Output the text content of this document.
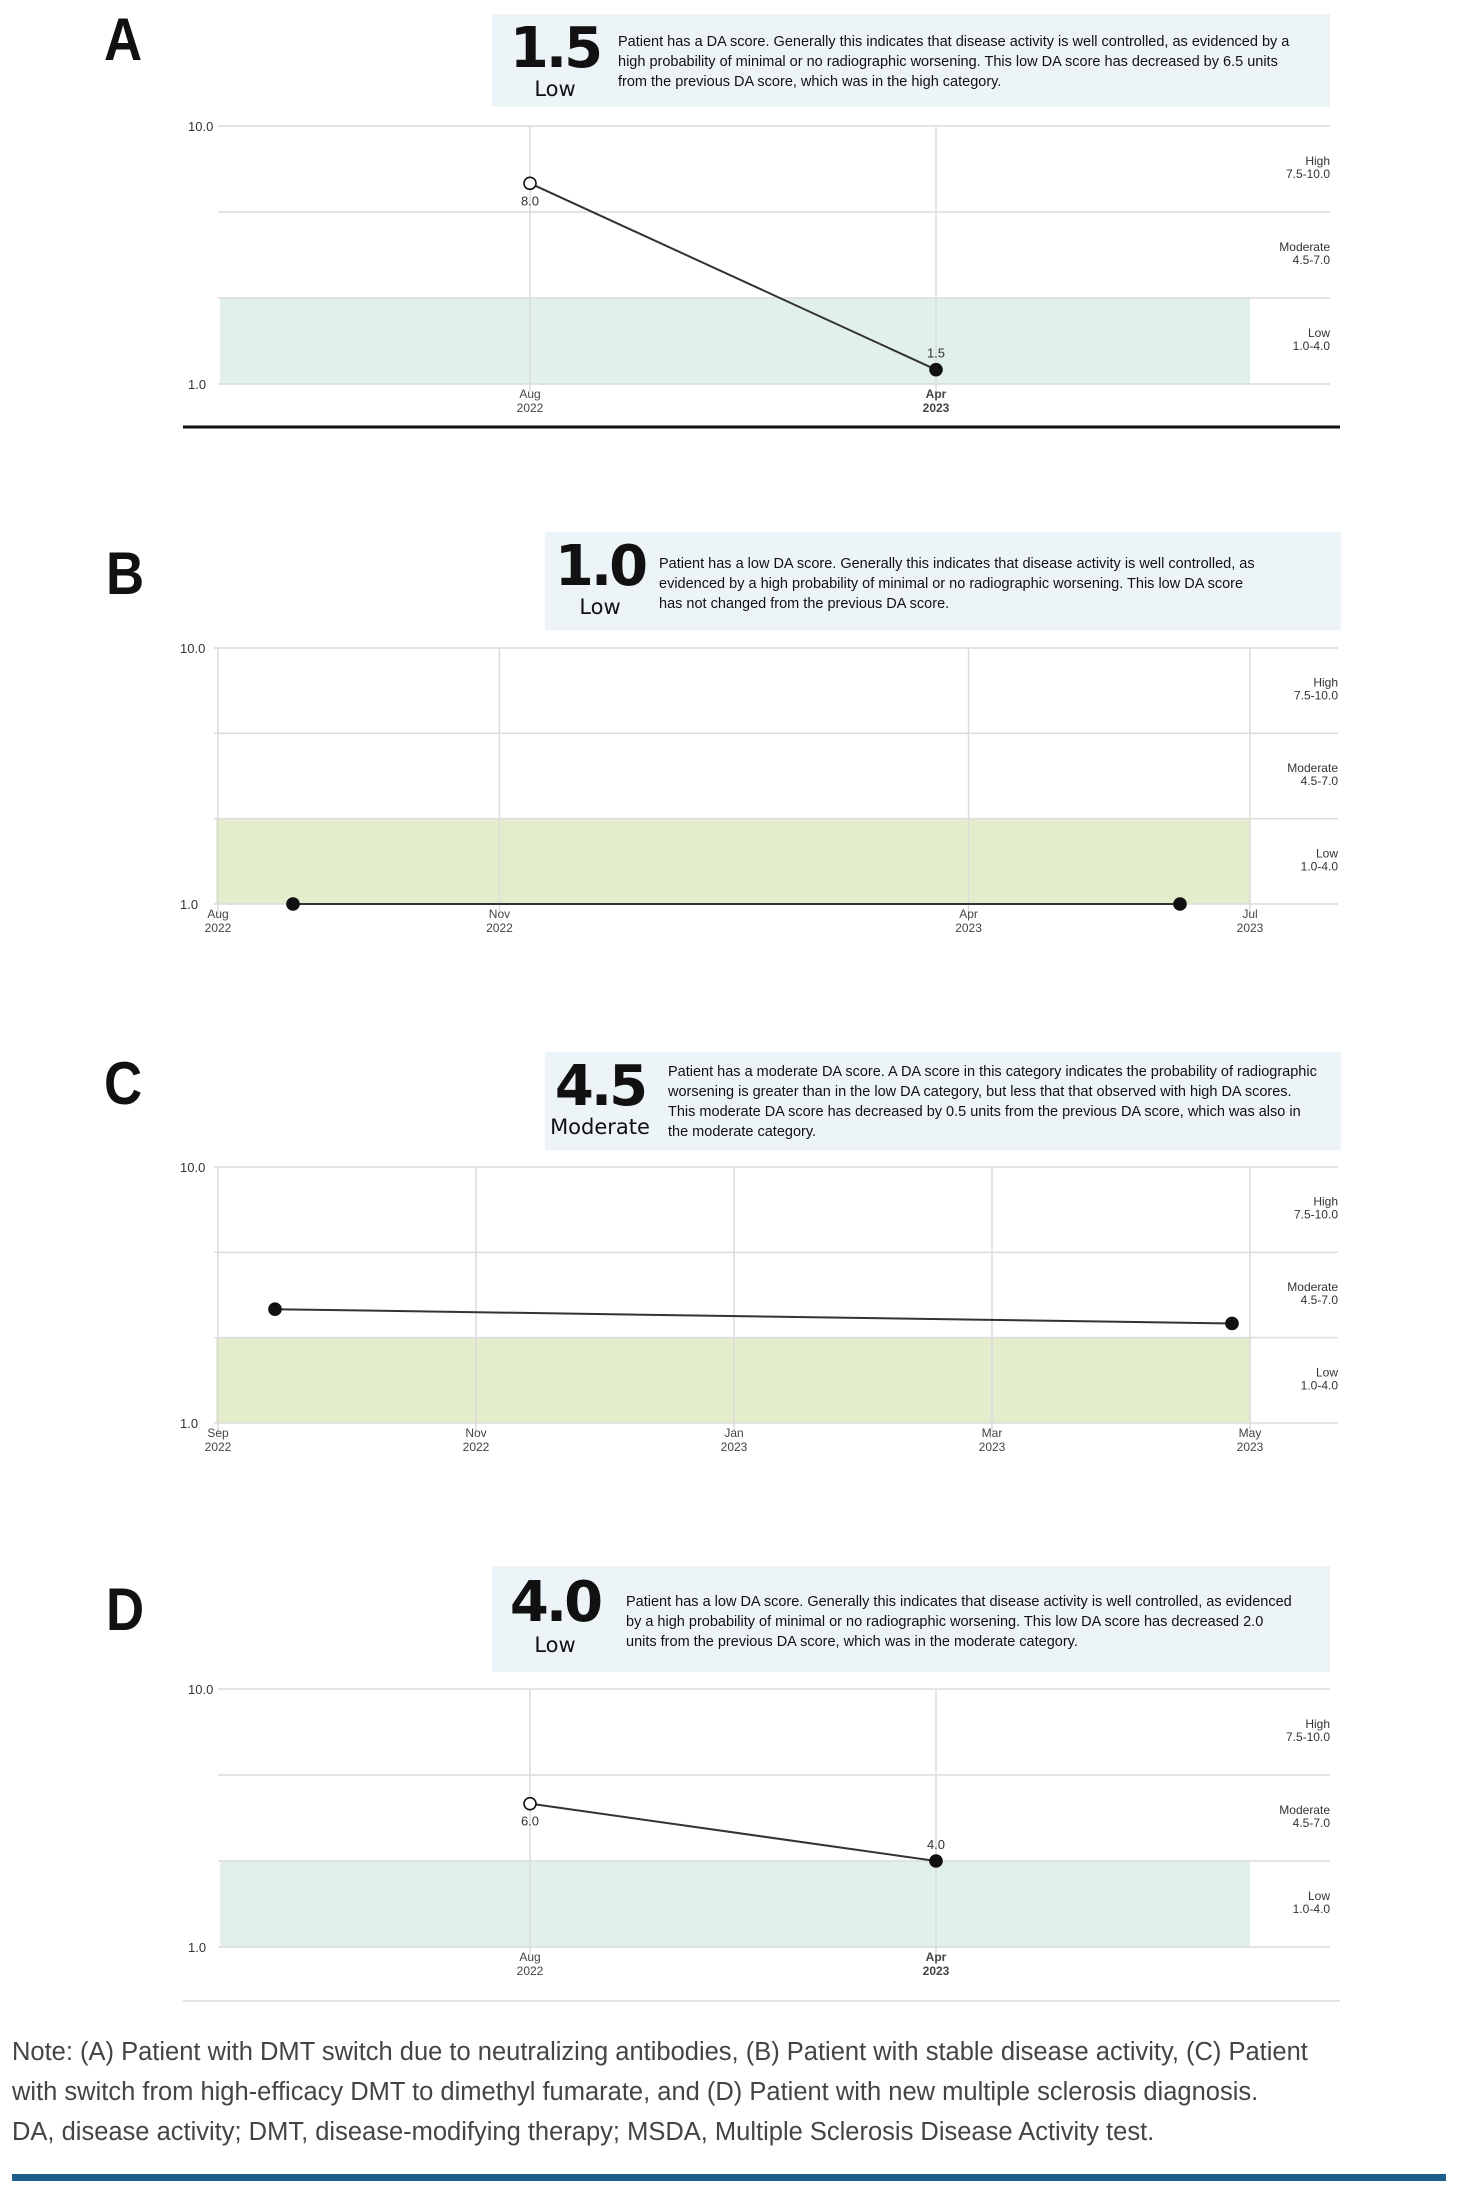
A	1.5
Low
Patient has a DA score. Generally this indicates that disease activity is well controlled, as evidenced by a high probability of minimal or no radiographic worsening. This low DA score has decreased by 6.5 units from the previous DA score, which was in the high category.
Aug
2022
Apr
2023
10.0
1.0
High
7.5-10.0
Moderate
4.5-7.0
Low
1.0-4.0
8.0
1.5
B	1.0
Low
Patient has a low DA score. Generally this indicates that disease activity is well controlled, as evidenced by a high probability of minimal or no radiographic worsening. This low DA score has not changed from the previous DA score.
Aug
2022
Nov
2022
Apr
2023
Jul
2023
10.0
1.0
High
7.5-10.0
Moderate
4.5-7.0
Low
1.0-4.0
C	4.5
Moderate
Patient has a moderate DA score. A DA score in this category indicates the probability of radiographic worsening is greater than in the low DA category, but less that that observed with high DA scores. This moderate DA score has decreased by 0.5 units from the previous DA score, which was also in the moderate category.
Sep
2022
Nov
2022
Jan
2023
Mar
2023
May
2023
10.0
1.0
High
7.5-10.0
Moderate
4.5-7.0
Low
1.0-4.0
D	4.0
Low
Patient has a low DA score. Generally this indicates that disease activity is well controlled, as evidenced by a high probability of minimal or no radiographic worsening. This low DA score has decreased 2.0 units from the previous DA score, which was in the moderate category.
Aug
2022
Apr
2023
10.0
1.0
High
7.5-10.0
Moderate
4.5-7.0
Low
1.0-4.0
6.0
4.0
Note: (A) Patient with DMT switch due to neutralizing antibodies, (B) Patient with stable disease activity, (C) Patient
with switch from high-efficacy DMT to dimethyl fumarate, and (D) Patient with new multiple sclerosis diagnosis.
DA, disease activity; DMT, disease-modifying therapy; MSDA, Multiple Sclerosis Disease Activity test.
